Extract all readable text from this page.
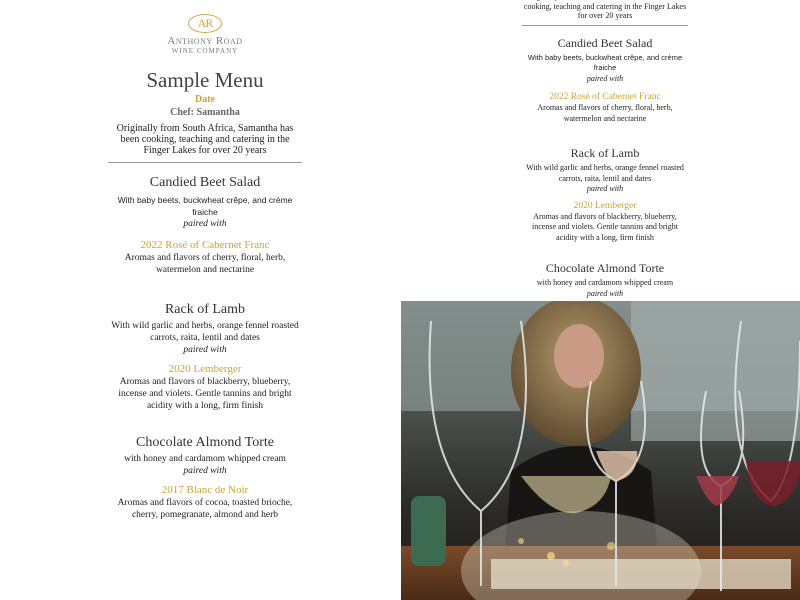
AR
Anthony Road
WINE COMPANY
Sample Menu
Date
Chef: Samantha
Originally from South Africa, Samantha has been cooking, teaching and catering in the Finger Lakes for over 20 years
Candied Beet Salad
With baby beets, buckwheat crêpe, and crème fraiche
paired with
2022 Rosé of Cabernet Franc
Aromas and flavors of cherry, floral, herb, watermelon and nectarine
Rack of Lamb
With wild garlic and herbs, orange fennel roasted carrots, raita, lentil and dates
paired with
2020 Lemberger
Aromas and flavors of blackberry, blueberry, incense and violets. Gentle tannins and bright acidity with a long, firm finish
Chocolate Almond Torte
with honey and cardamom whipped cream
paired with
2017 Blanc de Noir
Aromas and flavors of cocoa, toasted brioche, cherry, pomegranate, almond and herb
cooking, teaching and catering in the Finger Lakes for over 20 years
Candied Beet Salad
With baby beets, buckwheat crêpe, and crème fraiche
paired with
2022 Rosé of Cabernet Franc
Aromas and flavors of cherry, floral, herb, watermelon and nectarine
Rack of Lamb
With wild garlic and herbs, orange fennel roasted carrots, raita, lentil and dates
paired with
2020 Lemberger
Aromas and flavors of blackberry, blueberry, incense and violets. Gentle tannins and bright acidity with a long, firm finish
Chocolate Almond Torte
with honey and cardamom whipped cream
paired with
